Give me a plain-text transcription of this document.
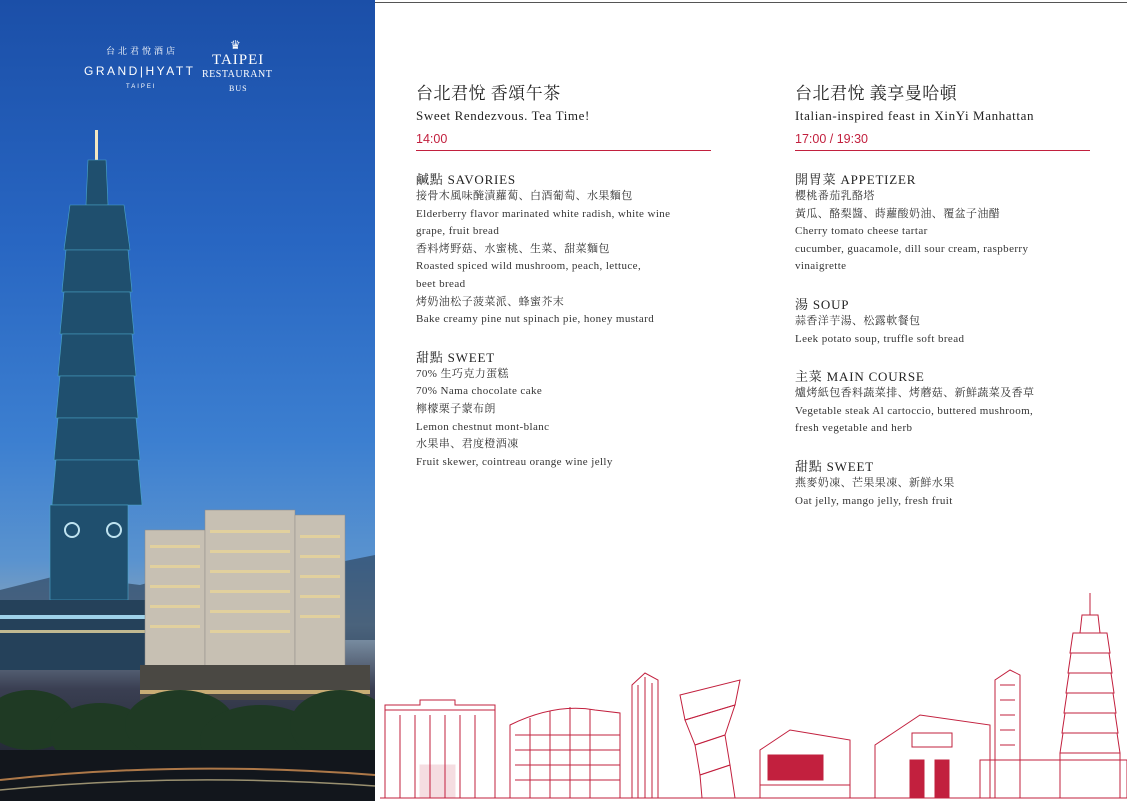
台北君悅酒店
GRAND|HYATT
TAIPEI
♛
TAIPEI
RESTAURANT
BUS	台北君悅 香頌午茶
Sweet Rendezvous. Tea Time!
14:00
鹹點 SAVORIES
接骨木風味醃漬蘿蔔、白酒葡萄、水果麵包
Elderberry flavor marinated white radish, white wine
grape, fruit bread
香料烤野菇、水蜜桃、生菜、甜菜麵包
Roasted spiced wild mushroom, peach, lettuce,
beet bread
烤奶油松子菠菜派、蜂蜜芥末
Bake creamy pine nut spinach pie, honey mustard
甜點 SWEET
70% 生巧克力蛋糕
70% Nama chocolate cake
檸檬栗子蒙布朗
Lemon chestnut mont-blanc
水果串、君度橙酒凍
Fruit skewer, cointreau orange wine jelly
台北君悅 義享曼哈頓
Italian-inspired feast in XinYi Manhattan
17:00 / 19:30
開胃菜 APPETIZER
櫻桃番茄乳酪塔
黃瓜、酪梨醬、蒔蘿酸奶油、覆盆子油醋
Cherry tomato cheese tartar
cucumber, guacamole, dill sour cream, raspberry
vinaigrette
湯 SOUP
蒜香洋芋湯、松露軟餐包
Leek potato soup, truffle soft bread
主菜 MAIN COURSE
爐烤紙包香料蔬菜排、烤蘑菇、新鮮蔬菜及香草
Vegetable steak Al cartoccio, buttered mushroom,
fresh vegetable and herb
甜點 SWEET
燕麥奶凍、芒果果凍、新鮮水果
Oat jelly, mango jelly, fresh fruit
